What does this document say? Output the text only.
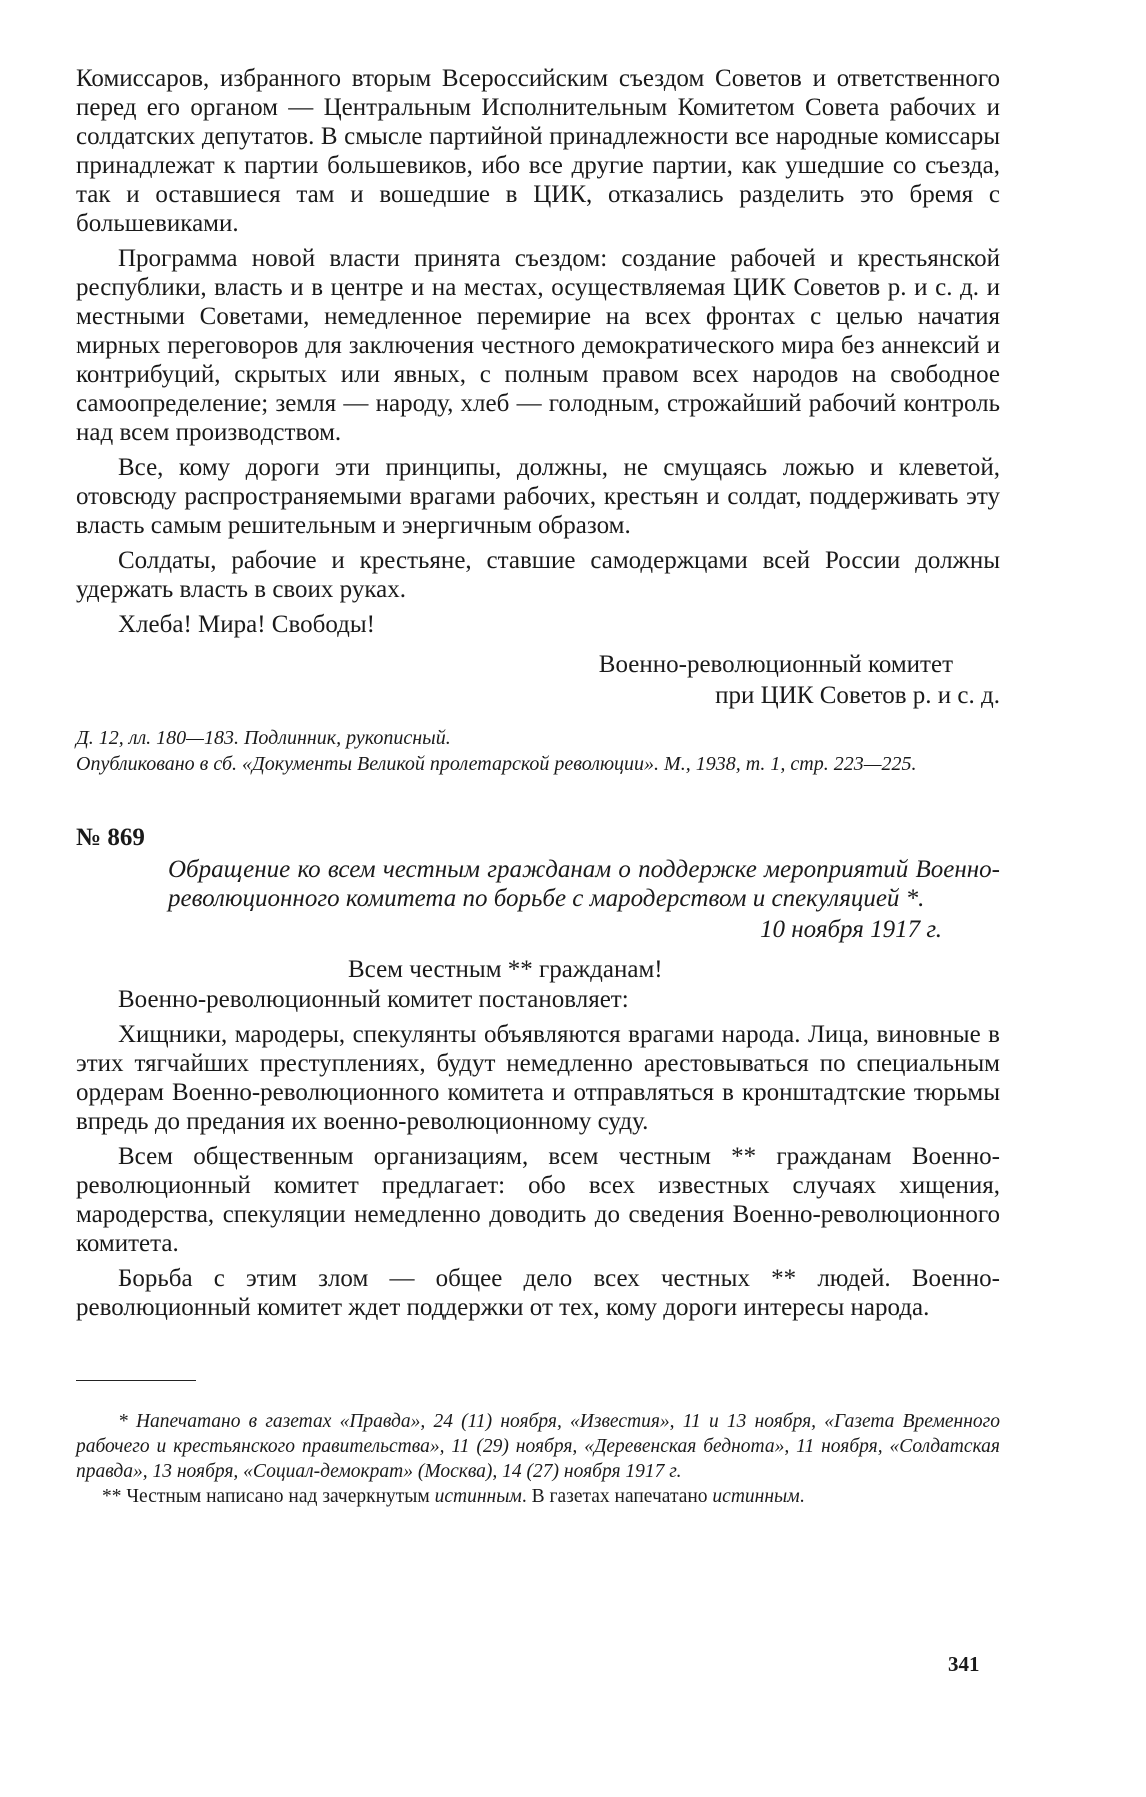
Комиссаров, избранного вторым Всероссийским съездом Советов и ответственного перед его органом — Центральным Исполнительным Комитетом Совета рабочих и солдатских депутатов. В смысле партийной принадлежности все народные комиссары принадлежат к партии большевиков, ибо все другие партии, как ушедшие со съезда, так и оставшиеся там и вошедшие в ЦИК, отказались разделить это бремя с большевиками.

Программа новой власти принята съездом: создание рабочей и крестьянской республики, власть и в центре и на местах, осуществляемая ЦИК Советов р. и с. д. и местными Советами, немедленное перемирие на всех фронтах с целью начатия мирных переговоров для заключения честного демократического мира без аннексий и контрибуций, скрытых или явных, с полным правом всех народов на свободное самоопределение; земля — народу, хлеб — голодным, строжайший рабочий контроль над всем производством.

Все, кому дороги эти принципы, должны, не смущаясь ложью и клеветой, отовсюду распространяемыми врагами рабочих, крестьян и солдат, поддерживать эту власть самым решительным и энергичным образом.

Солдаты, рабочие и крестьяне, ставшие самодержцами всей России должны удержать власть в своих руках.

Хлеба! Мира! Свободы!

Военно-революционный комитет
при ЦИК Советов р. и с. д.
Д. 12, лл. 180—183. Подлинник, рукописный.
Опубликовано в сб. «Документы Великой пролетарской революции». М., 1938, т. 1, стр. 223—225.
№ 869
Обращение ко всем честным гражданам о поддержке мероприятий Военно-революционного комитета по борьбе с мародерством и спекуляцией *.
10 ноября 1917 г.
Всем честным ** гражданам!

Военно-революционный комитет постановляет:

Хищники, мародеры, спекулянты объявляются врагами народа. Лица, виновные в этих тягчайших преступлениях, будут немедленно арестовываться по специальным ордерам Военно-революционного комитета и отправляться в кронштадтские тюрьмы впредь до предания их военно-революционному суду.

Всем общественным организациям, всем честным ** гражданам Военно-революционный комитет предлагает: обо всех известных случаях хищения, мародерства, спекуляции немедленно доводить до сведения Военно-революционного комитета.

Борьба с этим злом — общее дело всех честных ** людей. Военно-революционный комитет ждет поддержки от тех, кому дороги интересы народа.

* Напечатано в газетах «Правда», 24 (11) ноября, «Известия», 11 и 13 ноября, «Газета Временного рабочего и крестьянского правительства», 11 (29) ноября, «Деревенская беднота», 11 ноября, «Солдатская правда», 13 ноября, «Социал-демократ» (Москва), 14 (27) ноября 1917 г.
** Честным написано над зачеркнутым истинным. В газетах напечатано истинным.
341
